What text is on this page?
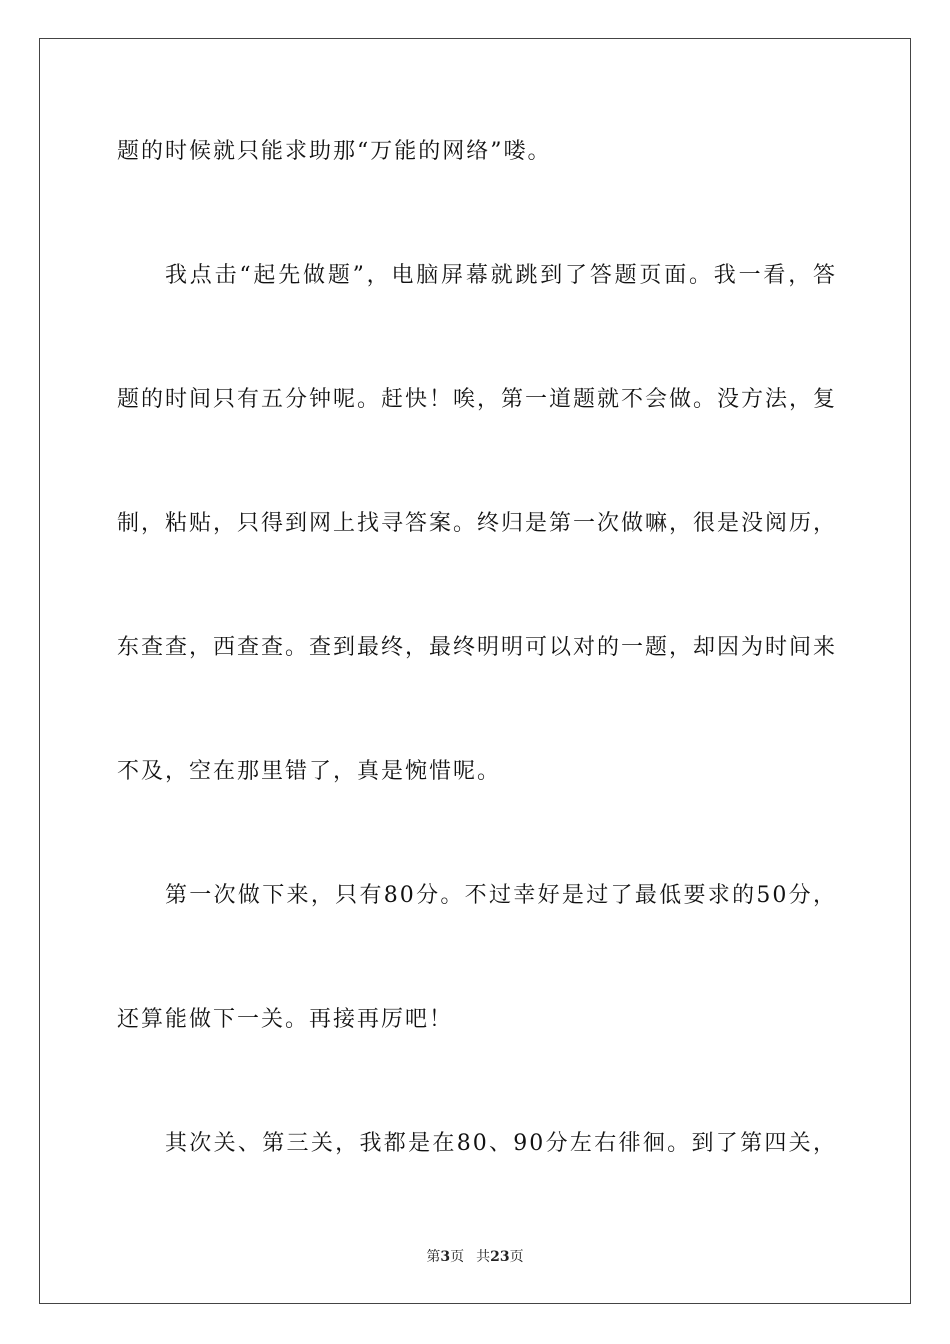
题的时候就只能求助那“万能的网络”喽。
我点击“起先做题”，电脑屏幕就跳到了答题页面。我一看，答
题的时间只有五分钟呢。赶快！唉，第一道题就不会做。没方法，复
制，粘贴，只得到网上找寻答案。终归是第一次做嘛，很是没阅历，
东查查，西查查。查到最终，最终明明可以对的一题，却因为时间来
不及，空在那里错了，真是惋惜呢。
第一次做下来，只有80分。不过幸好是过了最低要求的50分，
还算能做下一关。再接再厉吧！
其次关、第三关，我都是在80、90分左右徘徊。到了第四关，
第3页 共23页
